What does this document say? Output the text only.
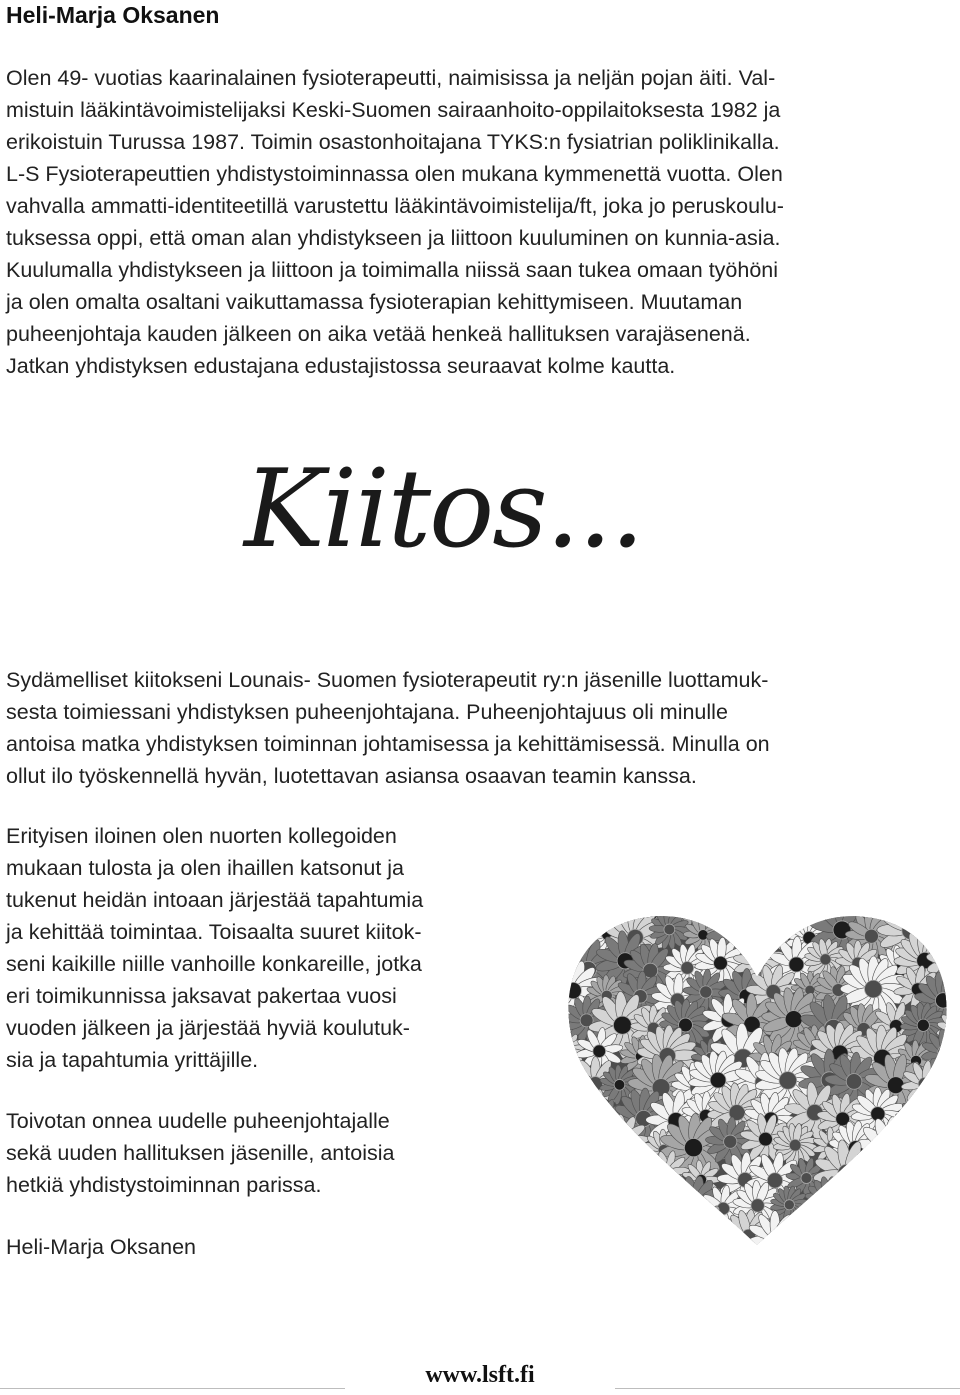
Heli-Marja Oksanen

Olen 49- vuotias kaarinalainen fysioterapeutti, naimisissa ja neljän pojan äiti. Val-
mistuin lääkintävoimistelijaksi Keski-Suomen sairaanhoito-oppilaitoksesta 1982 ja
erikoistuin Turussa 1987. Toimin osastonhoitajana TYKS:n fysiatrian poliklinikalla.
L-S Fysioterapeuttien yhdistystoiminnassa olen mukana kymmenettä vuotta. Olen
vahvalla ammatti-identiteetillä varustettu lääkintävoimistelija/ft, joka jo peruskoulu-
tuksessa oppi, että oman alan yhdistykseen ja liittoon kuuluminen on kunnia-asia.
Kuulumalla yhdistykseen ja liittoon ja toimimalla niissä saan tukea omaan työhöni
ja olen omalta osaltani vaikuttamassa fysioterapian kehittymiseen. Muutaman
puheenjohtaja kauden jälkeen on aika vetää henkeä hallituksen varajäsenenä.
Jatkan yhdistyksen edustajana edustajistossa seuraavat kolme kautta.

Kiitos...

Sydämelliset kiitokseni Lounais- Suomen fysioterapeutit ry:n jäsenille luottamuk-
sesta toimiessani yhdistyksen puheenjohtajana. Puheenjohtajuus oli minulle
antoisa matka yhdistyksen toiminnan johtamisessa ja kehittämisessä. Minulla on
ollut ilo työskennellä hyvän, luotettavan asiansa osaavan teamin kanssa.

Erityisen iloinen olen nuorten kollegoiden
mukaan tulosta ja olen ihaillen katsonut ja
tukenut heidän intoaan järjestää tapahtumia
ja kehittää toimintaa. Toisaalta suuret kiitok-
seni kaikille niille vanhoille konkareille, jotka
eri toimikunnissa jaksavat pakertaa vuosi
vuoden jälkeen ja järjestää hyviä koulutuk-
sia ja tapahtumia yrittäjille.

Toivotan onnea uudelle puheenjohtajalle
sekä uuden hallituksen jäsenille, antoisia
hetkiä yhdistystoiminnan parissa.

Heli-Marja Oksanen

www.lsft.fi
